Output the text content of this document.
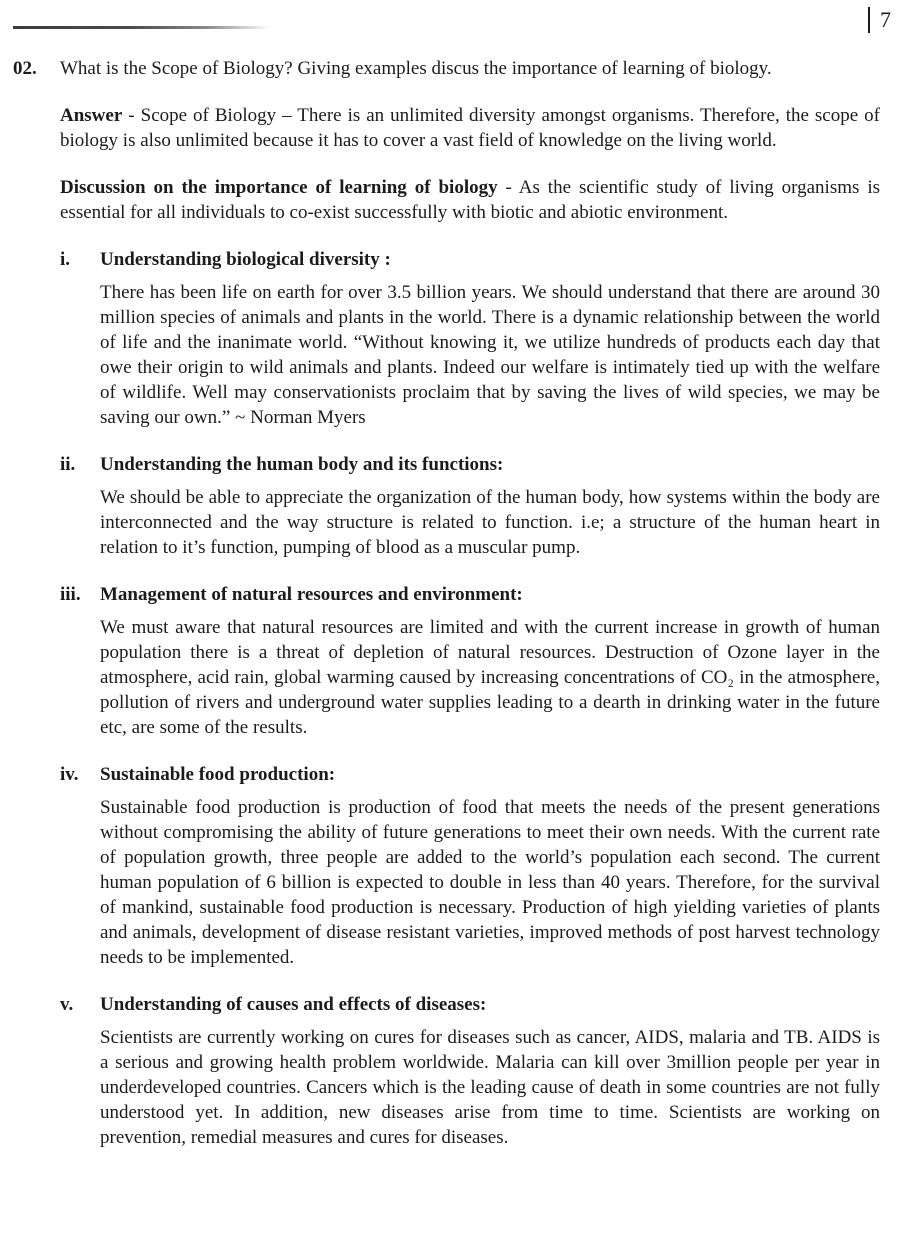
7
02.	What is the Scope of Biology? Giving examples discus the importance of learning of biology.

Answer - Scope of Biology – There is an unlimited diversity amongst organisms. Therefore, the scope of biology is also unlimited because it has to cover a vast field of knowledge on the living world.

Discussion on the importance of learning of biology - As the scientific study of living organisms is essential for all individuals to co-exist successfully with biotic and abiotic environment.

i.	Understanding biological diversity :

There has been life on earth for over 3.5 billion years. We should understand that there are around 30 million species of animals and plants in the world. There is a dynamic relationship between the world of life and the inanimate world. “Without knowing it, we utilize hundreds of products each day that owe their origin to wild animals and plants. Indeed our welfare is intimately tied up with the welfare of wildlife. Well may conservationists proclaim that by saving the lives of wild species, we may be saving our own.” ~ Norman Myers

ii.	Understanding the human body and its functions:

We should be able to appreciate the organization of the human body, how systems within the body are interconnected and the way structure is related to function. i.e; a structure of the human heart in relation to it’s function, pumping of blood as a muscular pump.

iii.	Management of natural resources and environment:

We must aware that natural resources are limited and with the current increase in growth of human population there is a threat of depletion of natural resources. Destruction of Ozone layer in the atmosphere, acid rain, global warming caused by increasing concentrations of CO₂ in the atmosphere, pollution of rivers and underground water supplies leading to a dearth in drinking water in the future etc, are some of the results.

iv.	Sustainable food production:

Sustainable food production is production of food that meets the needs of the present generations without compromising the ability of future generations to meet their own needs. With the current rate of population growth, three people are added to the world’s population each second. The current human population of 6 billion is expected to double in less than 40 years. Therefore, for the survival of mankind, sustainable food production is necessary. Production of high yielding varieties of plants and animals, development of disease resistant varieties, improved methods of post harvest technology needs to be implemented.

v.	Understanding of causes and effects of diseases:

Scientists are currently working on cures for diseases such as cancer, AIDS, malaria and TB. AIDS is a serious and growing health problem worldwide. Malaria can kill over 3million people per year in underdeveloped countries. Cancers which is the leading cause of death in some countries are not fully understood yet. In addition, new diseases arise from time to time. Scientists are working on prevention, remedial measures and cures for diseases.
